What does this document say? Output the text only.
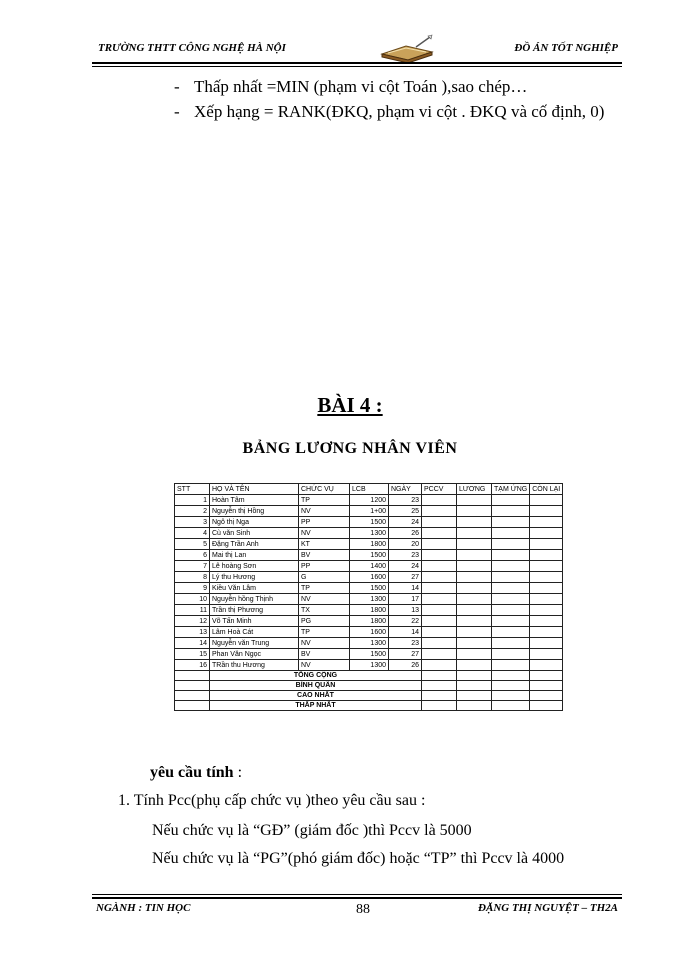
TRƯỜNG THTT CÔNG NGHỆ HÀ NỘI	ĐỒ ÁN TỐT NGHIỆP
- Thấp nhất =MIN (phạm vi cột Toán ),sao chép…
- Xếp hạng = RANK(ĐKQ, phạm vi cột . ĐKQ và cố định, 0)
BÀI 4 :
BẢNG LƯƠNG NHÂN VIÊN
STT	HỌ VÀ TÊN	CHỨC VỤ	LCB	NGÀY	PCCV	LƯƠNG	TẠM ỨNG	CÒN LẠI
1	Hoàn Tâm	TP	1200	23				
2	Nguyễn thị Hồng	NV	1+00	25				
3	Ngô thị Nga	PP	1500	24				
4	Cù văn Sinh	NV	1300	26				
5	Đặng Trần Anh	KT	1800	20				
6	Mai thị Lan	BV	1500	23				
7	Lê hoàng Sơn	PP	1400	24				
8	Lý thu Hương	G	1600	27				
9	Kiều Văn Lâm	TP	1500	14				
10	Nguyễn hồng Thịnh	NV	1300	17				
11	Trần thị Phương	TX	1800	13				
12	Võ Tấn Minh	PG	1800	22				
13	Lâm Hoà Cát	TP	1600	14				
14	Nguyễn văn Trung	NV	1300	23				
15	Phan Văn Ngọc	BV	1500	27				
16	TRần thu Hương	NV	1300	26				
	TỔNG CỘNG							
	BÌNH QUÂN							
	CAO NHẤT							
	THẤP NHẤT							
yêu cầu tính :
1. Tính Pcc(phụ cấp chức vụ )theo yêu cầu sau :
Nếu chức vụ là “GĐ” (giám đốc )thì Pccv là 5000
Nếu chức vụ là “PG”(phó giám đốc) hoặc “TP” thì Pccv là 4000
NGÀNH : TIN HỌC	88	ĐẶNG THỊ NGUYỆT – TH2A
